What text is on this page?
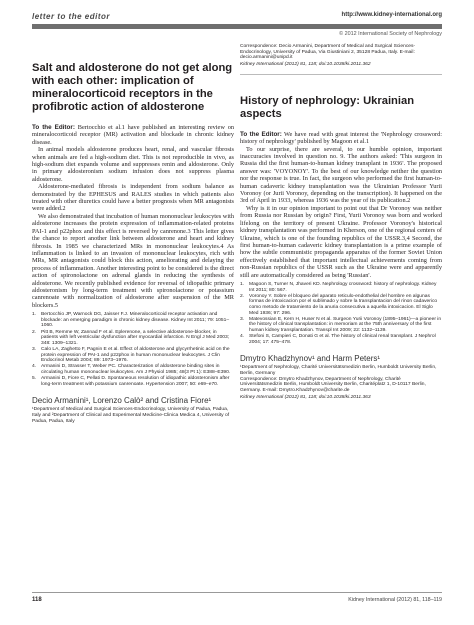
letter to the editor	http://www.kidney-international.org
© 2012 International Society of Nephrology
Salt and aldosterone do not get along with each other: implication of mineralocorticoid receptors in the profibrotic action of aldosterone

To the Editor: Bertocchio et al.1 have published an interesting review on mineralocorticoid receptor (MR) activation and blockade in chronic kidney disease.

In animal models aldosterone produces heart, renal, and vascular fibrosis when animals are fed a high-sodium diet. This is not reproducible in vivo, as high-sodium diet expands volume and suppresses renin and aldosterone. Only in primary aldosteronism sodium infusion does not suppress plasma aldosterone.

Aldosterone-mediated fibrosis is independent from sodium balance as demonstrated by the EPHESUS and RALES studies in which patients also treated with other diuretics could have a better prognosis when MR antagonists were added.2

We also demonstrated that incubation of human mononuclear leukocytes with aldosterone increases the protein expression of inflammation-related proteins PAI-1 and p22phox and this effect is reversed by canrenone.3 This letter gives the chance to report another link between aldosterone and heart and kidney fibrosis. In 1985 we characterized MRs in mononuclear leukocytes.4 As inflammation is linked to an invasion of mononuclear leukocytes, rich with MRs, MR antagonists could block this action, ameliorating and delaying the process of inflammation. Another interesting point to be considered is the direct action of spironolactone on adrenal glands in reducing the synthesis of aldosterone. We recently published evidence for reversal of idiopathic primary aldosteronism by long-term treatment with spironolactone or potassium canrenoate with normalization of aldosterone after suspension of the MR blockers.5

1. Bertocchio JP, Warnock DG, Jaisser F.J. Mineralocorticoid receptor activation and blockade: an emerging paradigm in chronic kidney disease. Kidney Int 2011; 79: 1051–1060.
2. Pitt B, Remme W, Zannad F et al. Eplerenone, a selective aldosterone-blocker, in patients with left ventricular dysfunction after myocardial infarction. N Engl J Med 2003; 348: 1309–1321.
3. Calo LA, Zaghetto F, Pagnin E et al. Effect of aldosterone and glycyrrhetinic acid on the protein expression of PAI-1 and p22phox in human mononuclear leukocytes. J Clin Endocrinol Metab 2004; 89: 1973–1976.
4. Armanini D, Strasser T, Weber PC. Characterization of aldosterone binding sites in circulating human mononuclear leukocytes. Am J Physiol 1985; 48(3 Pt 1): E388–E390.
5. Armanini D, Fiore C, Pellati D. Spontaneous resolution of idiopathic aldosteronism after long-term treatment with potassium canrenoate. Hypertension 2007; 50: e69–e70.
Decio Armanini¹, Lorenzo Calò² and Cristina Fiore¹

¹Department of Medical and Surgical Sciences-Endocrinology, University of Padua, Padua, Italy and ²Department of Clinical and Experimental Medicine-Clinica Medica 4, University of Padua, Padua, Italy

Correspondence: Decio Armanini, Department of Medical and Surgical Sciences-Endocrinology, University of Padua, Via Giustiniani 2, 35128 Padua, Italy. E-mail: decio.armanini@unipd.it

Kidney International (2012) 81, 118; doi:10.1038/ki.2011.362

History of nephrology: Ukrainian aspects

To the Editor: We have read with great interest the 'Nephrology crossword: history of nephrology' published by Magoon et al.1

To our surprise, there are several, to our humble opinion, important inaccuracies involved in question no. 9. The authors asked: 'This surgeon in Russia did the first human-to-human kidney transplant in 1936'. The proposed answer was: 'VOYONOY'. To the best of our knowledge neither the question nor the response is true. In fact, the surgeon who performed the first human-to-human cadaveric kidney transplantation was the Ukrainian Professor Yurii Voronoy (or Jurii Voronoy, depending on the transcription). It happened on the 3rd of April in 1933, whereas 1936 was the year of its publication.2

Why is it in our opinion important to point out that Dr Voronoy was neither from Russia nor Russian by origin? First, Yurii Voronoy was born and worked lifelong on the territory of present Ukraine. Professor Voronoy's historical kidney transplantation was performed in Kherson, one of the regional centers of Ukraine, which is one of the founding republics of the USSR.3,4 Second, the first human-to-human cadaveric kidney transplantation is a prime example of how the subtle communistic propaganda apparatus of the former Soviet Union effectively established that important intellectual achievements coming from non-Russian republics of the USSR such as the Ukraine were and apparently still are automatically considered as being 'Russian'.

1. Magoon S, Turner N, Jhaveri KD. Nephrology crossword: history of nephrology. Kidney Int 2011; 80: 567.
2. Voronoy Y. Sobre el bloqueo del aparato reticulo-endothelial del hombre en algunas formas de intoxicacion por el sublimado y sobre la transplantacion del rinon cadaverico como metodo de tratamiento de la anuria consecutiva a aquella intoxicacion. El Siglo Med 1936; 97: 296.
3. Matevossian E, Kern H, Huser N et al. Surgeon Yurii Voronoy (1895–1961)—a pioneer in the history of clinical transplantation: in memoriam at the 75th anniversary of the first human kidney transplantation. Transpl Int 2009; 22: 1132–1139.
4. Stefoni S, Campieri C, Donati G et al. The history of clinical renal transplant. J Nephrol 2004; 17: 475–478.
Dmytro Khadzhynov¹ and Harm Peters¹

¹Department of Nephrology, Charité Universitätsmedizin Berlin, Humboldt University Berlin, Berlin, Germany

Correspondence: Dmytro Khadzhynov, Department of Nephrology, Charité Universitätsmedizin Berlin, Humboldt University Berlin, Charitéplatz 1, D-10117 Berlin, Germany. E-mail: Dmytro.Khadzhynov@charite.de

Kidney International (2012) 81, 118; doi:10.1038/ki.2011.363

118	Kidney International (2012) 81, 118–119
